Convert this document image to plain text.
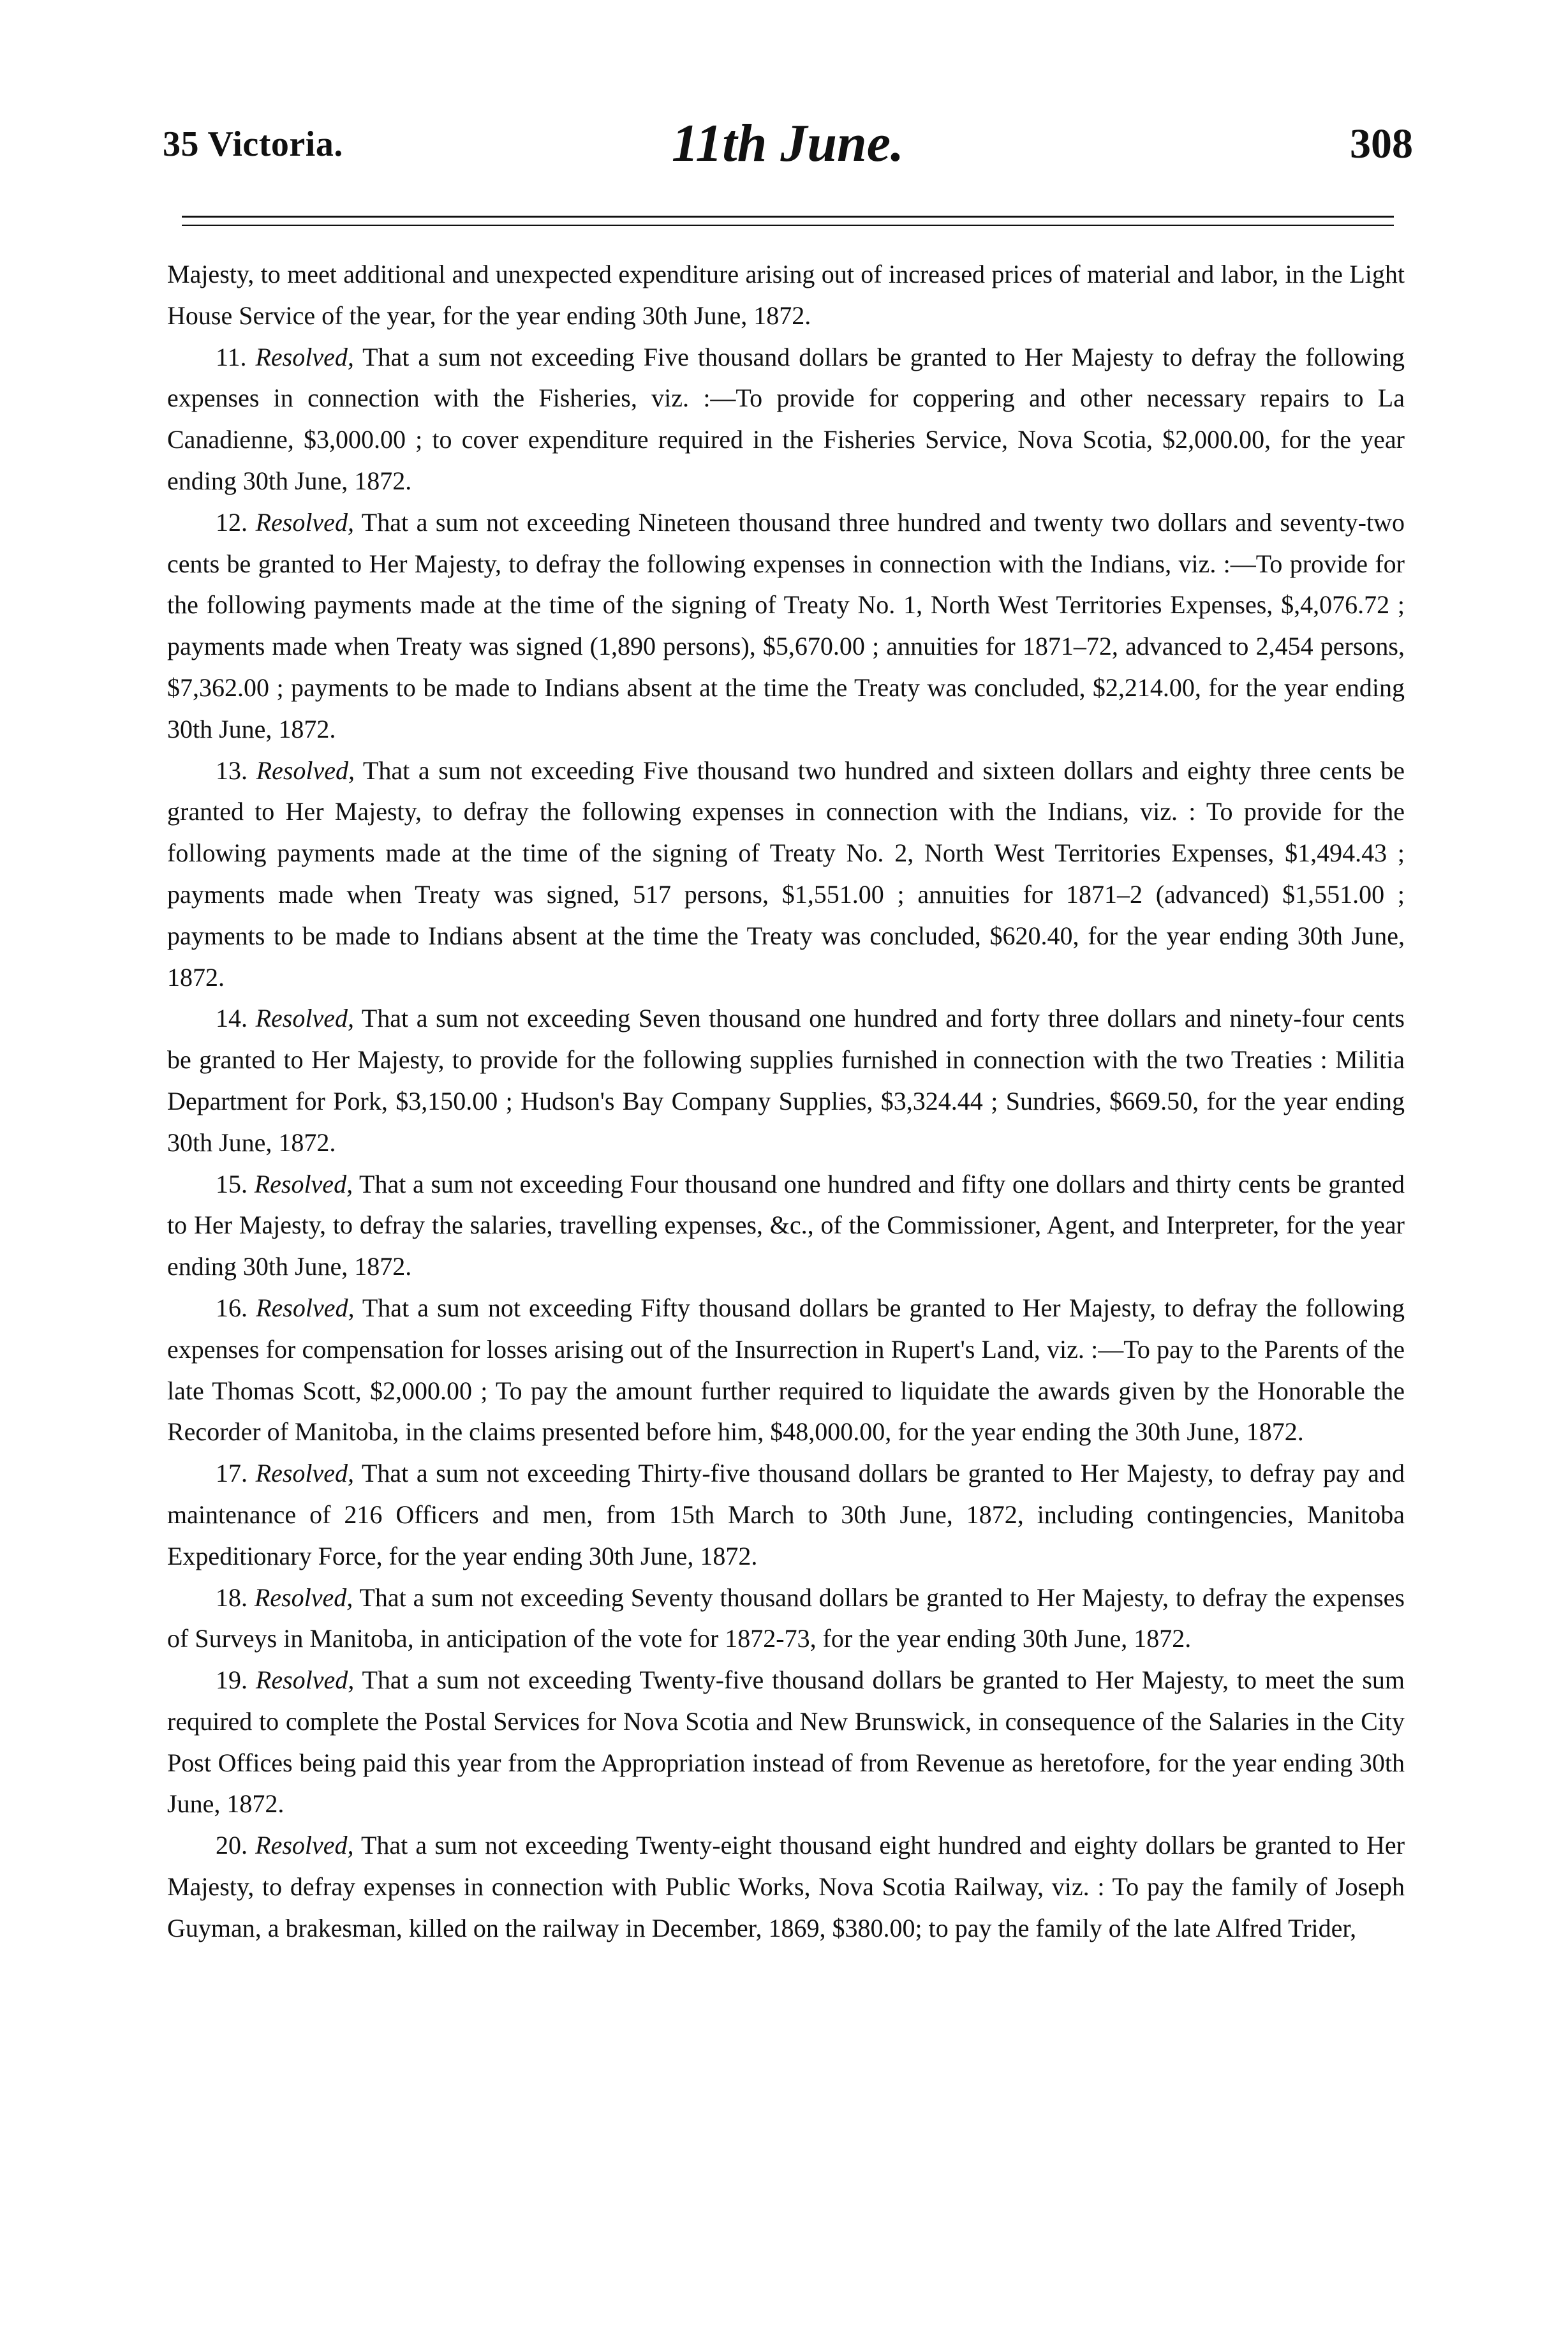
35 Victoria.	11th June.	308

Majesty, to meet additional and unexpected expenditure arising out of increased prices of material and labor, in the Light House Service of the year, for the year ending 30th June, 1872.

11. Resolved, That a sum not exceeding Five thousand dollars be granted to Her Majesty to defray the following expenses in connection with the Fisheries, viz. :—To provide for coppering and other necessary repairs to La Canadienne, $3,000.00 ; to cover expenditure required in the Fisheries Service, Nova Scotia, $2,000.00, for the year ending 30th June, 1872.

12. Resolved, That a sum not exceeding Nineteen thousand three hundred and twenty two dollars and seventy-two cents be granted to Her Majesty, to defray the following expenses in connection with the Indians, viz. :—To provide for the following payments made at the time of the signing of Treaty No. 1, North West Territories Expenses, $,4,076.72 ; payments made when Treaty was signed (1,890 persons), $5,670.00 ; annuities for 1871–72, advanced to 2,454 persons, $7,362.00 ; payments to be made to Indians absent at the time the Treaty was concluded, $2,214.00, for the year ending 30th June, 1872.

13. Resolved, That a sum not exceeding Five thousand two hundred and sixteen dollars and eighty three cents be granted to Her Majesty, to defray the following expenses in connection with the Indians, viz. : To provide for the following payments made at the time of the signing of Treaty No. 2, North West Territories Expenses, $1,494.43 ; payments made when Treaty was signed, 517 persons, $1,551.00 ; annuities for 1871–2 (advanced) $1,551.00 ; payments to be made to Indians absent at the time the Treaty was concluded, $620.40, for the year ending 30th June, 1872.

14. Resolved, That a sum not exceeding Seven thousand one hundred and forty three dollars and ninety-four cents be granted to Her Majesty, to provide for the following supplies furnished in connection with the two Treaties : Militia Department for Pork, $3,150.00 ; Hudson's Bay Company Supplies, $3,324.44 ; Sundries, $669.50, for the year ending 30th June, 1872.

15. Resolved, That a sum not exceeding Four thousand one hundred and fifty one dollars and thirty cents be granted to Her Majesty, to defray the salaries, travelling expenses, &c., of the Commissioner, Agent, and Interpreter, for the year ending 30th June, 1872.

16. Resolved, That a sum not exceeding Fifty thousand dollars be granted to Her Majesty, to defray the following expenses for compensation for losses arising out of the Insurrection in Rupert's Land, viz. :—To pay to the Parents of the late Thomas Scott, $2,000.00 ; To pay the amount further required to liquidate the awards given by the Honorable the Recorder of Manitoba, in the claims presented before him, $48,000.00, for the year ending the 30th June, 1872.

17. Resolved, That a sum not exceeding Thirty-five thousand dollars be granted to Her Majesty, to defray pay and maintenance of 216 Officers and men, from 15th March to 30th June, 1872, including contingencies, Manitoba Expeditionary Force, for the year ending 30th June, 1872.

18. Resolved, That a sum not exceeding Seventy thousand dollars be granted to Her Majesty, to defray the expenses of Surveys in Manitoba, in anticipation of the vote for 1872-73, for the year ending 30th June, 1872.

19. Resolved, That a sum not exceeding Twenty-five thousand dollars be granted to Her Majesty, to meet the sum required to complete the Postal Services for Nova Scotia and New Brunswick, in consequence of the Salaries in the City Post Offices being paid this year from the Appropriation instead of from Revenue as heretofore, for the year ending 30th June, 1872.

20. Resolved, That a sum not exceeding Twenty-eight thousand eight hundred and eighty dollars be granted to Her Majesty, to defray expenses in connection with Public Works, Nova Scotia Railway, viz. : To pay the family of Joseph Guyman, a brakesman, killed on the railway in December, 1869, $380.00; to pay the family of the late Alfred Trider,
